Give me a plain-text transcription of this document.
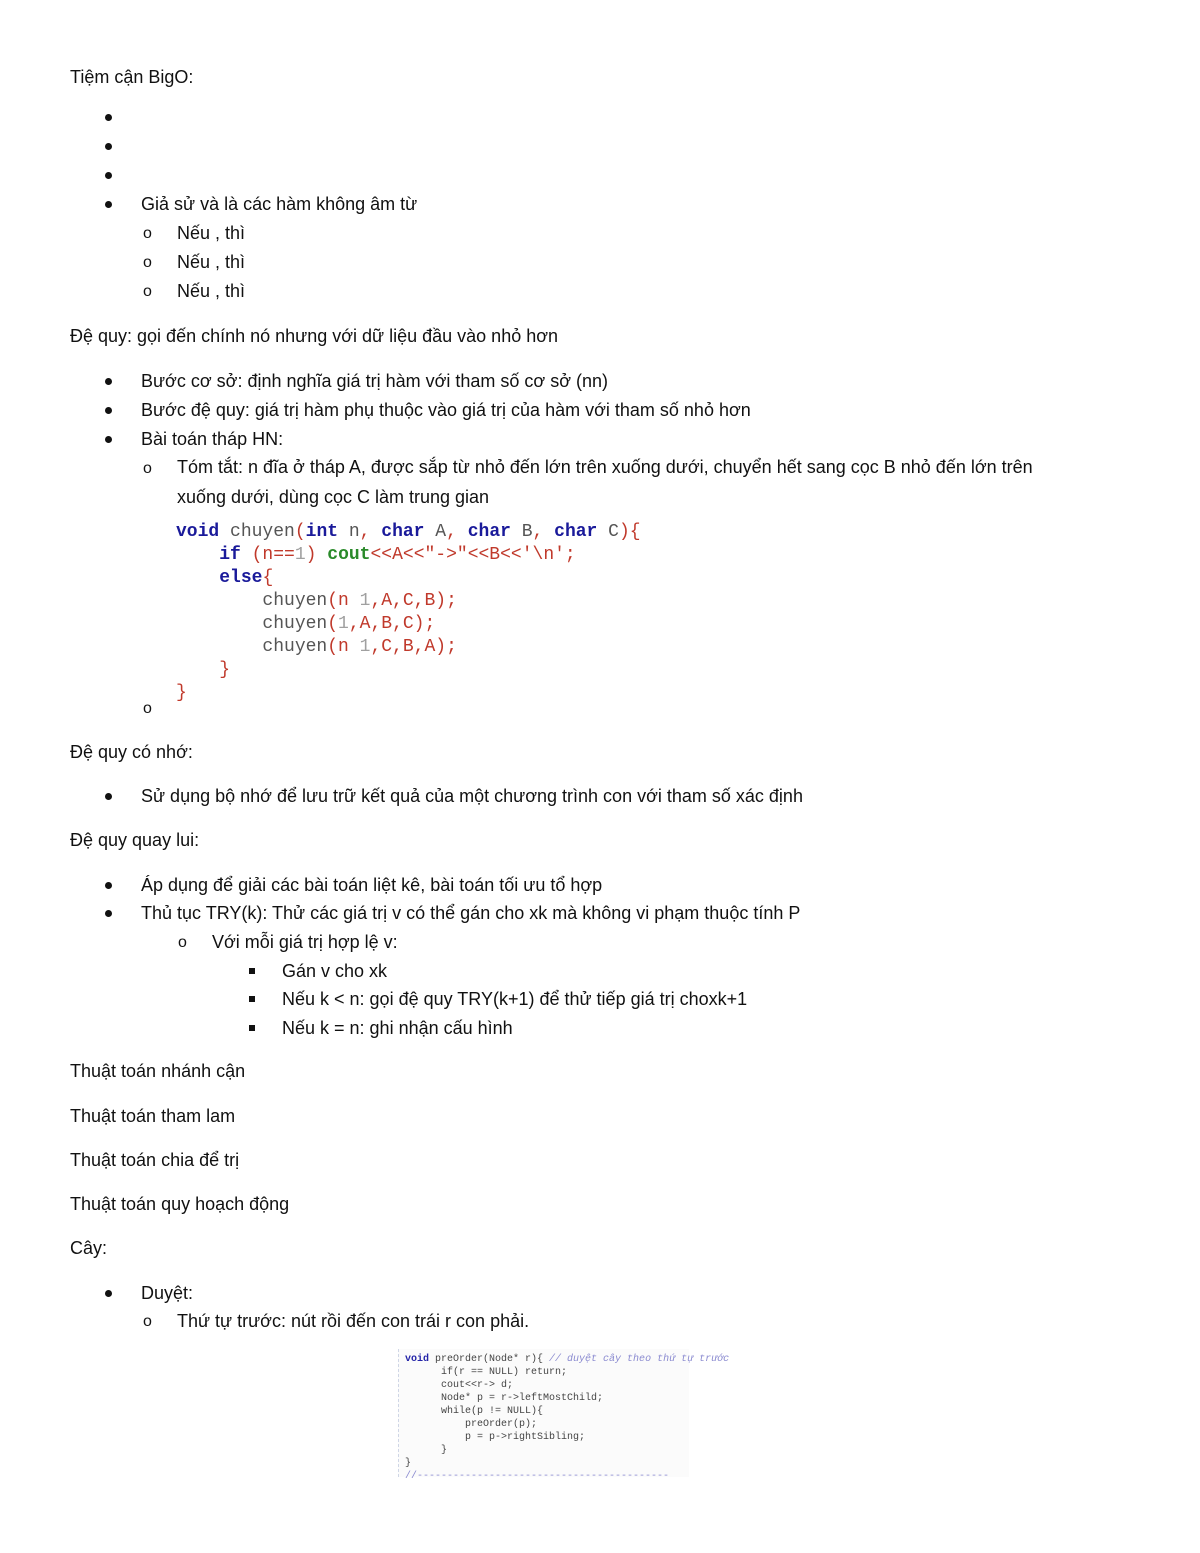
Tiệm cận BigO:
Giả sử và là các hàm không âm từ
o Nếu , thì
o Nếu , thì
o Nếu , thì
Đệ quy: gọi đến chính nó nhưng với dữ liệu đầu vào nhỏ hơn
Bước cơ sở: định nghĩa giá trị hàm với tham số cơ sở (nn)
Bước đệ quy: giá trị hàm phụ thuộc vào giá trị của hàm với tham số nhỏ hơn
Bài toán tháp HN:
o Tóm tắt: n đĩa ở tháp A, được sắp từ nhỏ đến lớn trên xuống dưới, chuyển hết sang cọc B nhỏ đến lớn trên
xuống dưới, dùng cọc C làm trung gian
void chuyen(int n, char A, char B, char C){
if (n==1) cout<<A<<"->"<<B<<'\n';
else{
chuyen(n 1,A,C,B);
chuyen(1,A,B,C);
chuyen(n 1,C,B,A);
}
}
o
Đệ quy có nhớ:
Sử dụng bộ nhớ để lưu trữ kết quả của một chương trình con với tham số xác định
Đệ quy quay lui:
Áp dụng để giải các bài toán liệt kê, bài toán tối ưu tổ hợp
Thủ tục TRY(k): Thử các giá trị v có thể gán cho xk mà không vi phạm thuộc tính P
o Với mỗi giá trị hợp lệ v:
Gán v cho xk
Nếu k < n: gọi đệ quy TRY(k+1) để thử tiếp giá trị choxk+1
Nếu k = n: ghi nhận cấu hình
Thuật toán nhánh cận
Thuật toán tham lam
Thuật toán chia để trị
Thuật toán quy hoạch động
Cây:
Duyệt:
o Thứ tự trước: nút rồi đến con trái r con phải.
void preOrder(Node* r){ // duyệt cây theo thứ tự trước
if(r == NULL) return;
cout<<r-> d;
Node* p = r->leftMostChild;
while(p != NULL){
preOrder(p);
p = p->rightSibling;
}
}
//------------------------------------------
